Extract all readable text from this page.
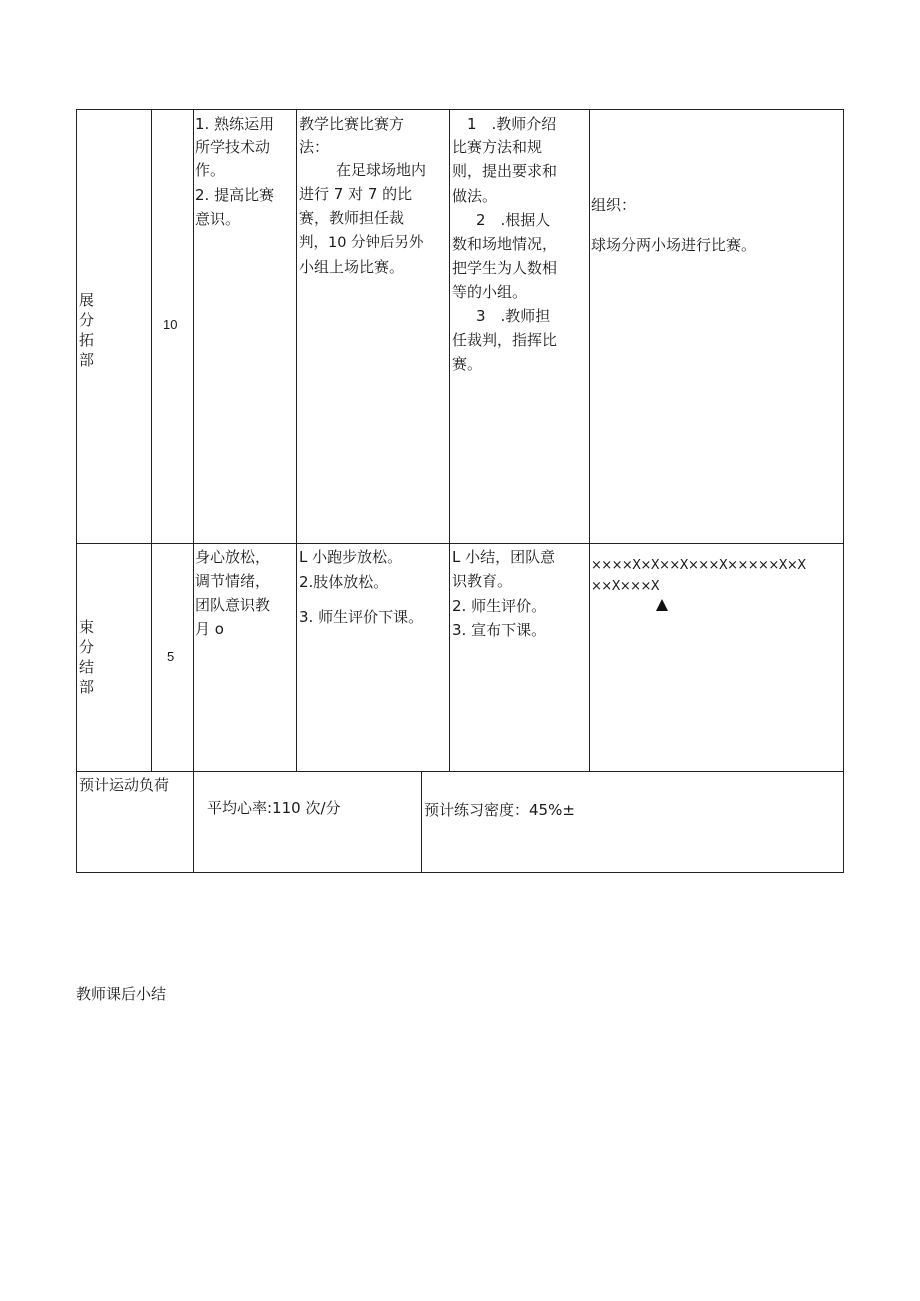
展
分
拓
部
10
1. 熟练运用
所学技术动
作。
2. 提高比赛
意识。
教学比赛比赛方
法：
在足球场地内
进行 7 对 7 的比
赛，教师担任裁
判，10 分钟后另外
小组上场比赛。
1　.教师介绍
比赛方法和规
则，提出要求和
做法。
2　.根据人
数和场地情况，
把学生为人数相
等的小组。
3　.教师担
任裁判，指挥比
赛。
组织：
球场分两小场进行比赛。
束
分
结
部
5
身心放松，
调节情绪，
团队意识教
月 o
L 小跑步放松。
2.肢体放松。
3. 师生评价下课。
L 小结，团队意
识教育。
2. 师生评价。
3. 宣布下课。
××××X×X××X×××X×××××X×X
××X×××X
预计运动负荷
平均心率:110 次/分	预计练习密度：45%±
教师课后小结
